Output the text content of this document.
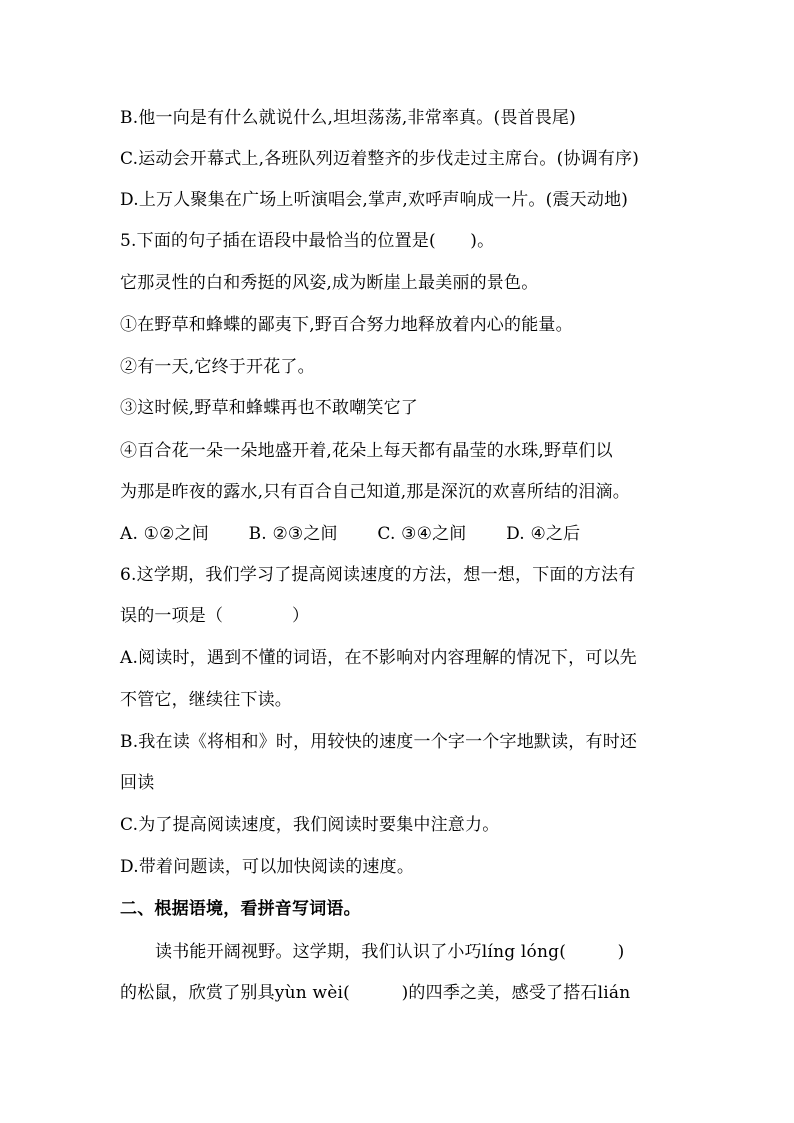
B.他一向是有什么就说什么,坦坦荡荡,非常率真。(畏首畏尾)
C.运动会开幕式上,各班队列迈着整齐的步伐走过主席台。(协调有序)
D.上万人聚集在广场上听演唱会,掌声,欢呼声响成一片。(震天动地)
5.下面的句子插在语段中最恰当的位置是(　　)。
它那灵性的白和秀挺的风姿,成为断崖上最美丽的景色。
①在野草和蜂蝶的鄙夷下,野百合努力地释放着内心的能量。
②有一天,它终于开花了。
③这时候,野草和蜂蝶再也不敢嘲笑它了
④百合花一朵一朵地盛开着,花朵上每天都有晶莹的水珠,野草们以
为那是昨夜的露水,只有百合自己知道,那是深沉的欢喜所结的泪滴。
A. ①②之间 B. ②③之间 C. ③④之间 D. ④之后
6.这学期，我们学习了提高阅读速度的方法，想一想，下面的方法有
误的一项是（　　　　）
A.阅读时，遇到不懂的词语，在不影响对内容理解的情况下，可以先
不管它，继续往下读。
B.我在读《将相和》时，用较快的速度一个字一个字地默读，有时还
回读
C.为了提高阅读速度，我们阅读时要集中注意力。
D.带着问题读，可以加快阅读的速度。
二、根据语境，看拼音写词语。
读书能开阔视野。这学期，我们认识了小巧líng lóng(　　　)
的松鼠，欣赏了别具yùn wèi(　　　)的四季之美，感受了搭石lián
